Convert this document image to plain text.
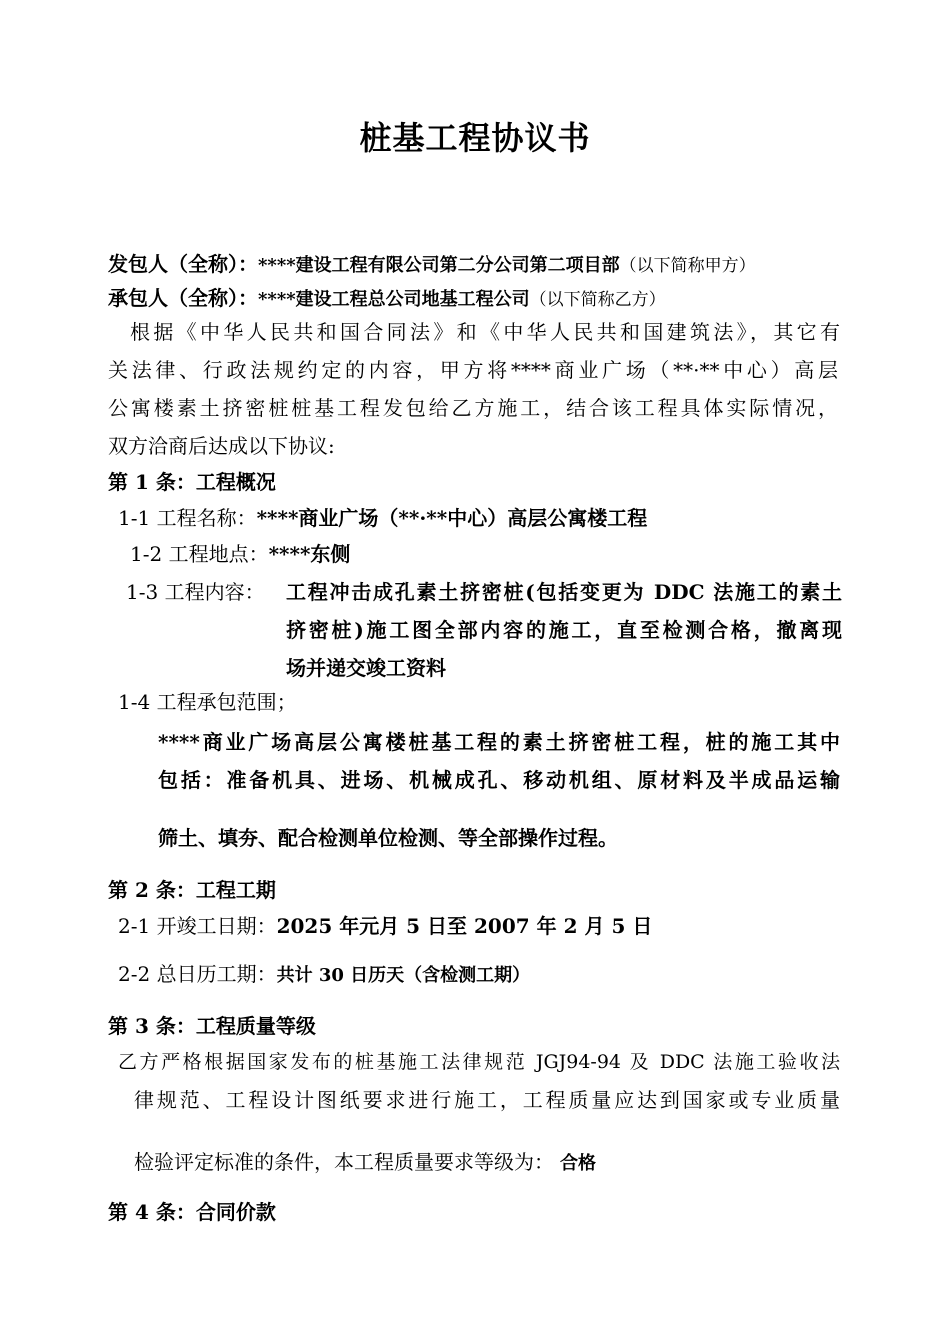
桩基工程协议书
发包人（全称）：****建设工程有限公司第二分公司第二项目部（以下简称甲方）
承包人（全称）：****建设工程总公司地基工程公司（以下简称乙方）
根据《中华人民共和国合同法》和《中华人民共和国建筑法》，其它有
关法律、行政法规约定的内容，甲方将****商业广场（**·**中心）高层
公寓楼素土挤密桩桩基工程发包给乙方施工，结合该工程具体实际情况，
双方洽商后达成以下协议:
第 1 条：工程概况
1-1 工程名称：****商业广场（**·**中心）高层公寓楼工程
1-2 工程地点：****东侧
1-3 工程内容： 工程冲击成孔素土挤密桩(包括变更为 DDC 法施工的素土
挤密桩)施工图全部内容的施工，直至检测合格，撤离现
场并递交竣工资料
1-4 工程承包范围；
****商业广场高层公寓楼桩基工程的素土挤密桩工程，桩的施工其中
包括：准备机具、进场、机械成孔、移动机组、原材料及半成品运输
筛土、填夯、配合检测单位检测、等全部操作过程。
第 2 条：工程工期
2-1 开竣工日期：2025 年元月 5 日至 2007 年 2 月 5 日
2-2 总日历工期：共计 30 日历天（含检测工期）
第 3 条：工程质量等级
乙方严格根据国家发布的桩基施工法律规范 JGJ94-94 及 DDC 法施工验收法
律规范、工程设计图纸要求进行施工，工程质量应达到国家或专业质量
检验评定标准的条件，本工程质量要求等级为： 合格
第 4 条：合同价款
